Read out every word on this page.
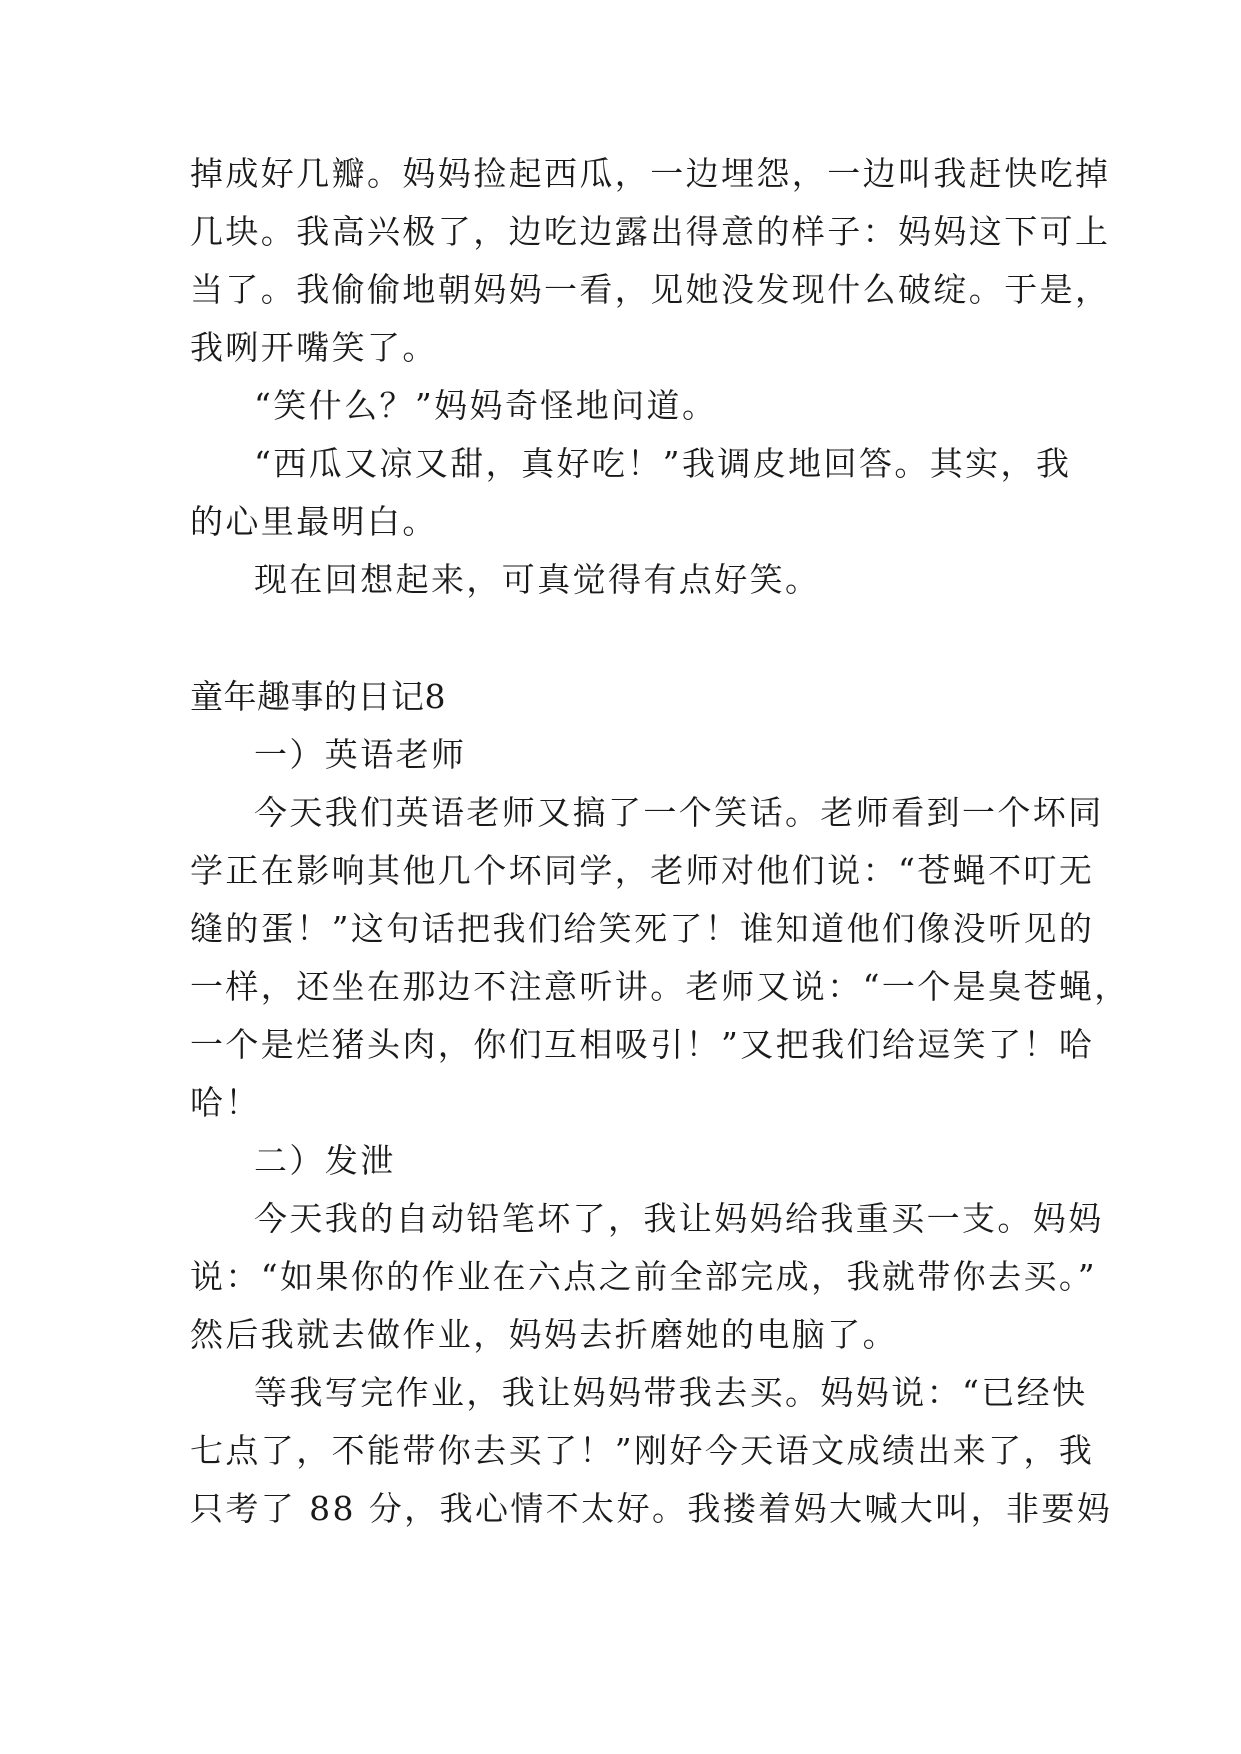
掉成好几瓣。妈妈捡起西瓜，一边埋怨，一边叫我赶快吃掉

几块。我高兴极了，边吃边露出得意的样子：妈妈这下可上

当了。我偷偷地朝妈妈一看，见她没发现什么破绽。于是，

我咧开嘴笑了。

“笑什么？”妈妈奇怪地问道。

“西瓜又凉又甜，真好吃！”我调皮地回答。其实，我

的心里最明白。

现在回想起来，可真觉得有点好笑。

童年趣事的日记8

一）英语老师

今天我们英语老师又搞了一个笑话。老师看到一个坏同

学正在影响其他几个坏同学，老师对他们说：“苍蝇不叮无

缝的蛋！”这句话把我们给笑死了！谁知道他们像没听见的

一样，还坐在那边不注意听讲。老师又说：“一个是臭苍蝇，

一个是烂猪头肉，你们互相吸引！”又把我们给逗笑了！哈

哈！

二）发泄

今天我的自动铅笔坏了，我让妈妈给我重买一支。妈妈

说：“如果你的作业在六点之前全部完成，我就带你去买。”

然后我就去做作业，妈妈去折磨她的电脑了。

等我写完作业，我让妈妈带我去买。妈妈说：“已经快

七点了，不能带你去买了！”刚好今天语文成绩出来了，我

只考了 88 分，我心情不太好。我搂着妈大喊大叫，非要妈
